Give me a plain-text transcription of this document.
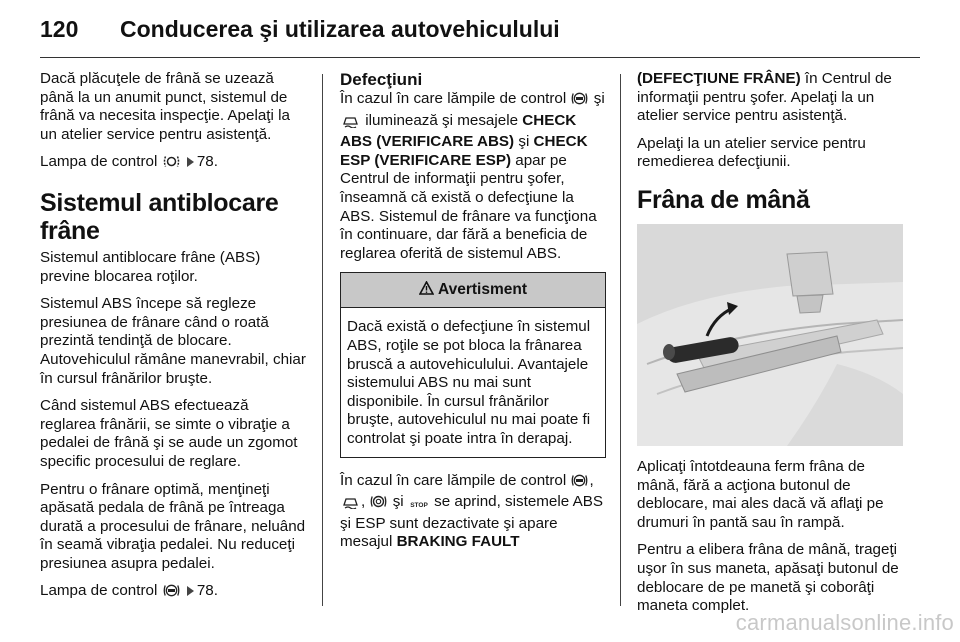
120 Conducerea şi utilizarea autovehiculului

Dacă plăcuţele de frână se uzează până la un anumit punct, sistemul de frână va necesita inspecţie. Apelaţi la un atelier service pentru asistenţă.

Lampa de control	78.

Sistemul antiblocare frâne

Sistemul antiblocare frâne (ABS) previne blocarea roţilor.

Sistemul ABS începe să regleze presiunea de frânare când o roată prezintă tendinţă de blocare. Autovehiculul rămâne manevrabil, chiar în cursul frânărilor bruşte.

Când sistemul ABS efectuează reglarea frânării, se simte o vibraţie a pedalei de frână şi se aude un zgomot specific procesului de reglare.

Pentru o frânare optimă, menţineţi apăsată pedala de frână pe întreaga durată a procesului de frânare, neluând în seamă vibraţia pedalei. Nu reduceţi presiunea asupra pedalei.

Lampa de control	78.

Defecţiuni

În cazul în care lămpile de control şi  iluminează şi mesajele CHECK ABS (VERIFICARE ABS) şi CHECK ESP (VERIFICARE ESP) apar pe Centrul de informaţii pentru şofer, înseamnă că există o defecţiune la ABS. Sistemul de frânare va funcţiona în continuare, dar fără a beneficia de reglarea oferită de sistemul ABS.

Avertisment
Dacă există o defecţiune în sistemul ABS, roţile se pot bloca la frânarea bruscă a autovehiculului. Avantajele sistemului ABS nu mai sunt disponibile. În cursul frânărilor bruşte, autovehiculul nu mai poate fi controlat şi poate intra în derapaj.

În cazul în care lămpile de control , , şi STOP se aprind, sistemele ABS şi ESP sunt dezactivate şi apare mesajul BRAKING FAULT

(DEFECŢIUNE FRÂNE) în Centrul de informaţii pentru şofer. Apelaţi la un atelier service pentru asistenţă.

Apelaţi la un atelier service pentru remedierea defecţiunii.

Frâna de mână

Aplicaţi întotdeauna ferm frâna de mână, fără a acţiona butonul de deblocare, mai ales dacă vă aflaţi pe drumuri în pantă sau în rampă.

Pentru a elibera frâna de mână, trageţi uşor în sus maneta, apăsaţi butonul de deblocare de pe manetă şi coborâţi maneta complet.

carmanualsonline.info
